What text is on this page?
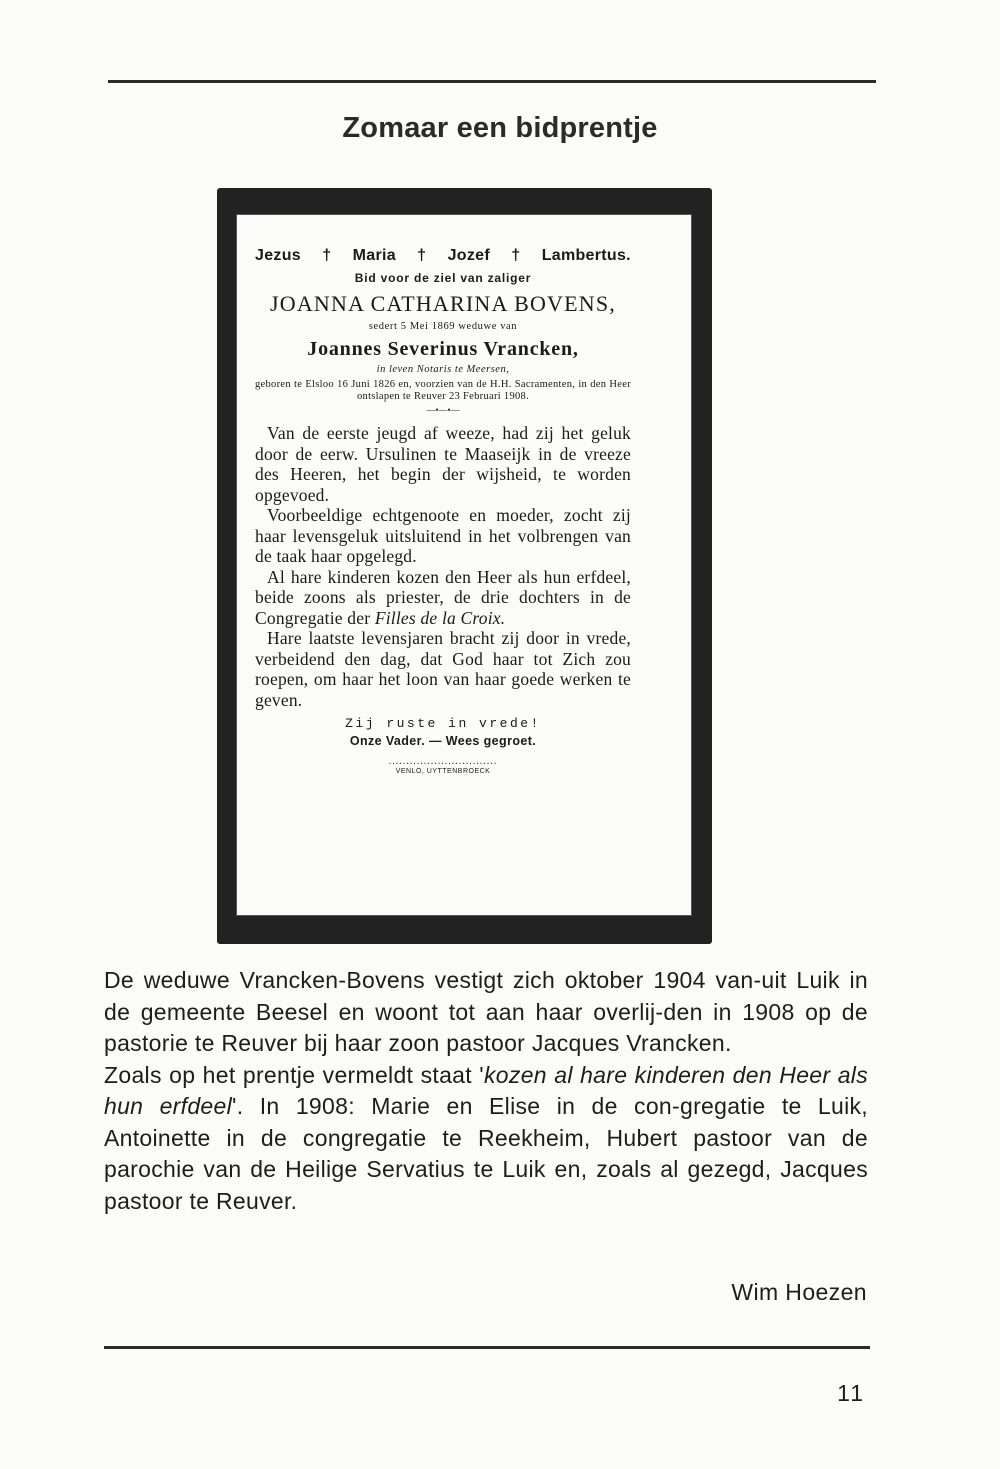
Zomaar een bidprentje
Jezus † Maria † Jozef † Lambertus.
Bid voor de ziel van zaliger
JOANNA CATHARINA BOVENS,
sedert 5 Mei 1869 weduwe van
Joannes Severinus Vrancken,
in leven Notaris te Meersen,
geboren te Elsloo 16 Juni 1826 en, voorzien van de H.H. Sacramenten, in den Heer ontslapen te Reuver 23 Februari 1908.
—•—•—

Van de eerste jeugd af weeze, had zij het geluk door de eerw. Ursulinen te Maaseijk in de vreeze des Heeren, het begin der wijsheid, te worden opgevoed.

Voorbeeldige echtgenoote en moeder, zocht zij haar levensgeluk uitsluitend in het volbrengen van de taak haar opgelegd.

Al hare kinderen kozen den Heer als hun erfdeel, beide zoons als priester, de drie dochters in de Congregatie der Filles de la Croix.

Hare laatste levensjaren bracht zij door in vrede, verbeidend den dag, dat God haar tot Zich zou roepen, om haar het loon van haar goede werken te geven.

Zij ruste in vrede!
Onze Vader. — Wees gegroet.
...............................
VENLO, UYTTENBROECK

De weduwe Vrancken-Bovens vestigt zich oktober 1904 van-uit Luik in de gemeente Beesel en woont tot aan haar overlij-den in 1908 op de pastorie te Reuver bij haar zoon pastoor Jacques Vrancken.

Zoals op het prentje vermeldt staat 'kozen al hare kinderen den Heer als hun erfdeel'. In 1908: Marie en Elise in de con-gregatie te Luik, Antoinette in de congregatie te Reekheim, Hubert pastoor van de parochie van de Heilige Servatius te Luik en, zoals al gezegd, Jacques pastoor te Reuver.

Wim Hoezen
11
